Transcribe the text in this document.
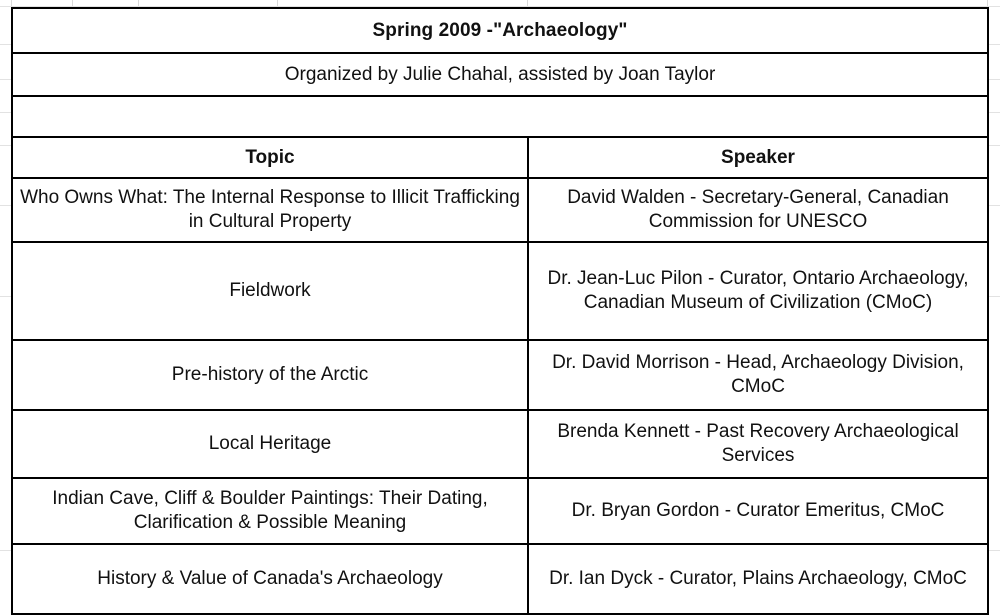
Spring 2009 -"Archaeology"	
Organized by Julie Chahal, assisted by Joan Taylor	

Topic	Speaker
Who Owns What: The Internal Response to Illicit Trafficking in Cultural Property	David Walden - Secretary-General, Canadian Commission for UNESCO
Fieldwork	Dr. Jean-Luc Pilon - Curator, Ontario Archaeology, Canadian Museum of Civilization (CMoC)
Pre-history of the Arctic	Dr. David Morrison - Head, Archaeology Division, CMoC
Local Heritage	Brenda Kennett - Past Recovery Archaeological Services
Indian Cave, Cliff & Boulder Paintings: Their Dating, Clarification & Possible Meaning	Dr. Bryan Gordon - Curator Emeritus, CMoC
History & Value of Canada's Archaeology	Dr. Ian Dyck - Curator, Plains Archaeology, CMoC
